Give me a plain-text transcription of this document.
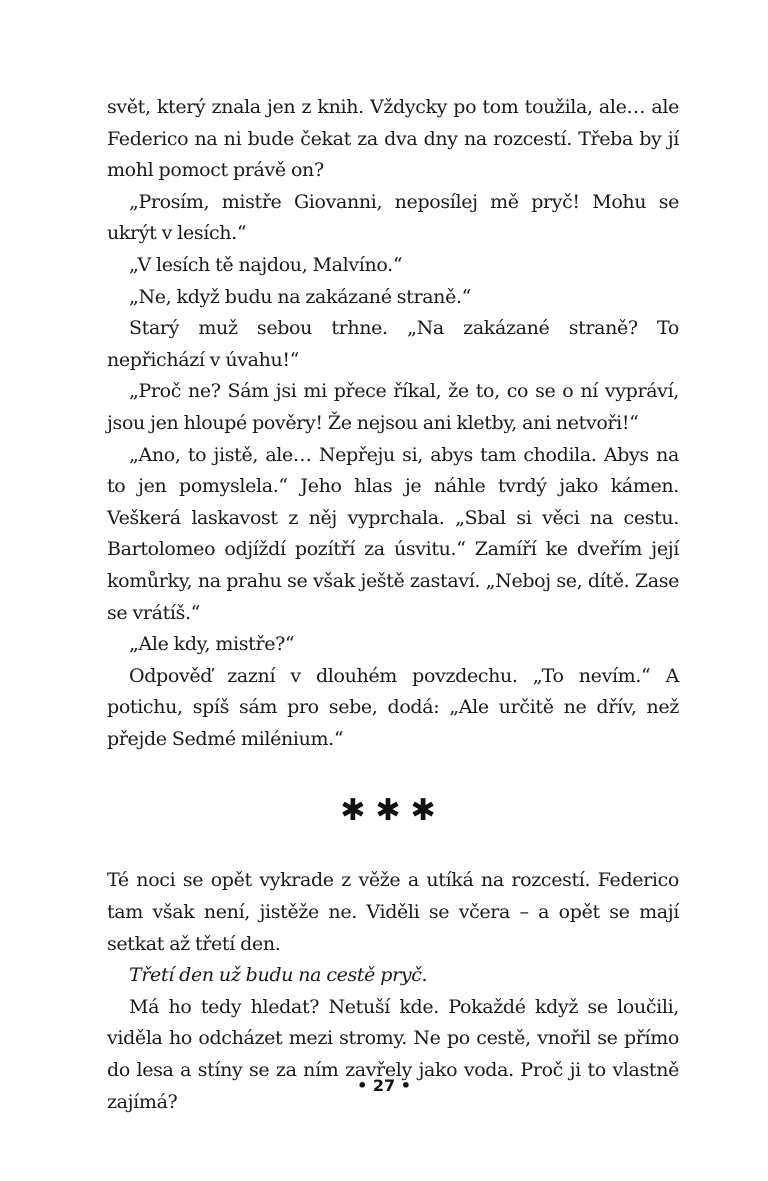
svět, který znala jen z knih. Vždycky po tom toužila, ale… ale Federico na ni bude čekat za dva dny na rozcestí. Třeba by jí mohl pomoct právě on?

„Prosím, mistře Giovanni, neposílej mě pryč! Mohu se ukrýt v lesích.“

„V lesích tě najdou, Malvíno.“

„Ne, když budu na zakázané straně.“

Starý muž sebou trhne. „Na zakázané straně? To nepřichází v úvahu!“

„Proč ne? Sám jsi mi přece říkal, že to, co se o ní vypráví, jsou jen hloupé pověry! Že nejsou ani kletby, ani netvoři!“

„Ano, to jistě, ale… Nepřeju si, abys tam chodila. Abys na to jen pomyslela.“ Jeho hlas je náhle tvrdý jako kámen. Veškerá laskavost z něj vyprchala. „Sbal si věci na cestu. Bartolomeo odjíždí pozítří za úsvitu.“ Zamíří ke dveřím její komůrky, na prahu se však ještě zastaví. „Neboj se, dítě. Zase se vrátíš.“

„Ale kdy, mistře?“

Odpověď zazní v dlouhém povzdechu. „To nevím.“ A potichu, spíš sám pro sebe, dodá: „Ale určitě ne dřív, než přejde Sedmé milénium.“

✱✱✱

Té noci se opět vykrade z věže a utíká na rozcestí. Federico tam však není, jistěže ne. Viděli se včera – a opět se mají setkat až třetí den.

Třetí den už budu na cestě pryč.

Má ho tedy hledat? Netuší kde. Pokaždé když se loučili, viděla ho odcházet mezi stromy. Ne po cestě, vnořil se přímo do lesa a stíny se za ním zavřely jako voda. Proč ji to vlastně zajímá?

• 27 •
